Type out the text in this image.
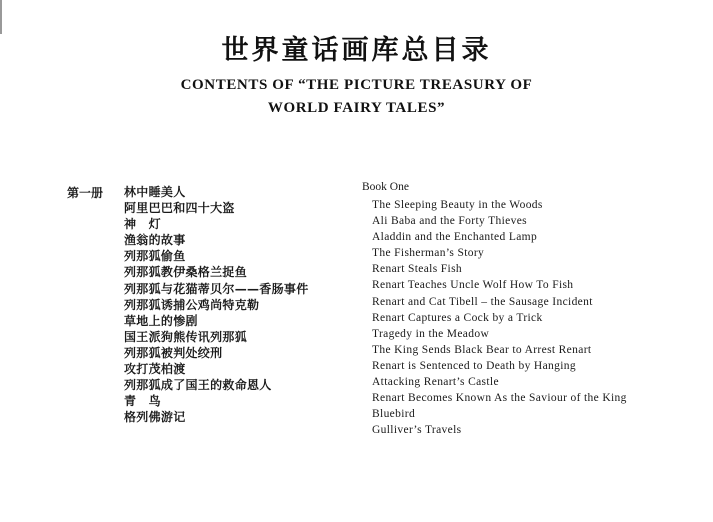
世界童话画库总目录
CONTENTS OF “THE PICTURE TREASURY OF
WORLD FAIRY TALES”
第一册 林中睡美人
阿里巴巴和四十大盗
神　灯
渔翁的故事
列那狐偷鱼
列那狐教伊桑格兰捉鱼
列那狐与花猫蒂贝尔——香肠事件
列那狐诱捕公鸡尚特克勒
草地上的惨剧
国王派狗熊传讯列那狐
列那狐被判处绞刑
攻打茂柏渡
列那狐成了国王的救命恩人
青　鸟
格列佛游记
Book One
The Sleeping Beauty in the Woods
Ali Baba and the Forty Thieves
Aladdin and the Enchanted Lamp
The Fisherman’s Story
Renart Steals Fish
Renart Teaches Uncle Wolf How To Fish
Renart and Cat Tibell – the Sausage Incident
Renart Captures a Cock by a Trick
Tragedy in the Meadow
The King Sends Black Bear to Arrest Renart
Renart is Sentenced to Death by Hanging
Attacking Renart’s Castle
Renart Becomes Known As the Saviour of the King
Bluebird
Gulliver’s Travels
